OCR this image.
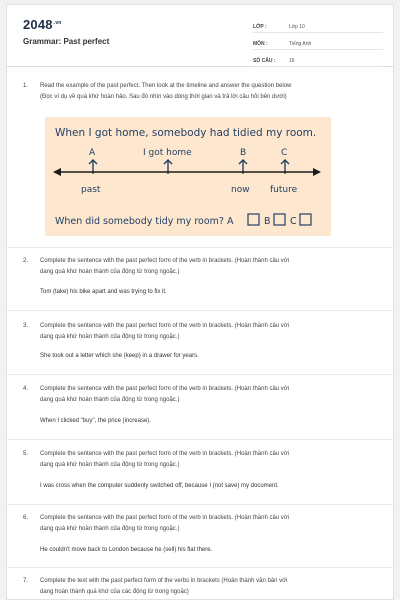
$2048^{.vn}$
Grammar: Past perfect
LỚP :	Lớp 10
MÔN :	Tiếng Anh
SỐ CÂU :	16
1. Read the example of the past perfect. Then look at the timeline and answer the question below
(Đọc ví dụ về quá khứ hoàn hảo. Sau đó nhìn vào dòng thời gian và trả lời câu hỏi bên dưới)
When I got home, somebody had tidied my room.
A	I got home	B	C
past	now future
When did somebody tidy my room? A	B C
2. Complete the sentence with the past perfect form of the verb in brackets. (Hoàn thành câu với
dạng quá khứ hoàn thành của động từ trong ngoặc.)
Tom (take) his bike apart and was trying to fix it.
3. Complete the sentence with the past perfect form of the verb in brackets. (Hoàn thành câu với
dạng quá khứ hoàn thành của động từ trong ngoặc.)
She took out a letter which she (keep) in a drawer for years.
4. Complete the sentence with the past perfect form of the verb in brackets. (Hoàn thành câu với
dạng quá khứ hoàn thành của động từ trong ngoặc.)
When I clicked "buy", the price (increase).
5. Complete the sentence with the past perfect form of the verb in brackets. (Hoàn thành câu với
dạng quá khứ hoàn thành của động từ trong ngoặc.)
I was cross when the computer suddenly switched off, because I (not save) my document.
6. Complete the sentence with the past perfect form of the verb in brackets. (Hoàn thành câu với
dạng quá khứ hoàn thành của động từ trong ngoặc.)
He couldn't move back to London because he (sell) his flat there.
7. Complete the text with the past perfect form of the verbs in brackets (Hoàn thành văn bản với
dạng hoàn thành quá khứ của các động từ trong ngoặc)
